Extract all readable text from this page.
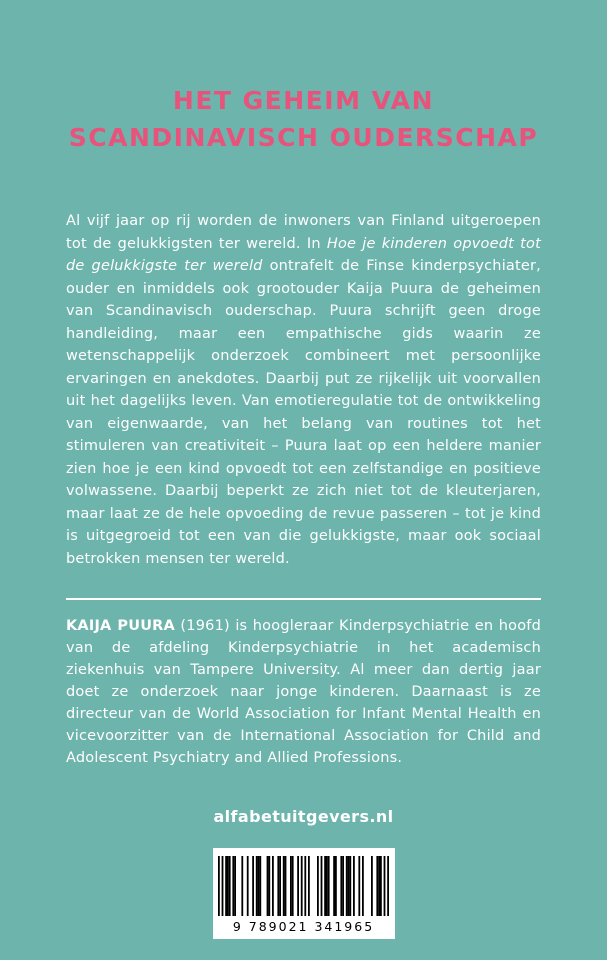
HET GEHEIM VAN
SCANDINAVISCH OUDERSCHAP

Al vijf jaar op rij worden de inwoners van Finland uitgeroepen tot de gelukkigsten ter wereld. In Hoe je kinderen opvoedt tot de gelukkigste ter wereld ontrafelt de Finse kinderpsychiater, ouder en inmiddels ook grootouder Kaija Puura de geheimen van Scandinavisch ouderschap. Puura schrijft geen droge handleiding, maar een empathische gids waarin ze wetenschappelijk onderzoek combineert met persoonlijke ervaringen en anekdotes. Daarbij put ze rijkelijk uit voorvallen uit het dagelijks leven. Van emotieregulatie tot de ontwikkeling van eigenwaarde, van het belang van routines tot het stimuleren van creativiteit – Puura laat op een heldere manier zien hoe je een kind opvoedt tot een zelfstandige en positieve volwassene. Daarbij beperkt ze zich niet tot de kleuterjaren, maar laat ze de hele opvoeding de revue passeren – tot je kind is uitgegroeid tot een van die gelukkigste, maar ook sociaal betrokken mensen ter wereld.

KAIJA PUURA (1961) is hoogleraar Kinderpsychiatrie en hoofd van de afdeling Kinderpsychiatrie in het academisch ziekenhuis van Tampere University. Al meer dan dertig jaar doet ze onderzoek naar jonge kinderen. Daarnaast is ze directeur van de World Association for Infant Mental Health en vicevoorzitter van de International Association for Child and Adolescent Psychiatry and Allied Professions.

alfabetuitgevers.nl
9 789021 341965
